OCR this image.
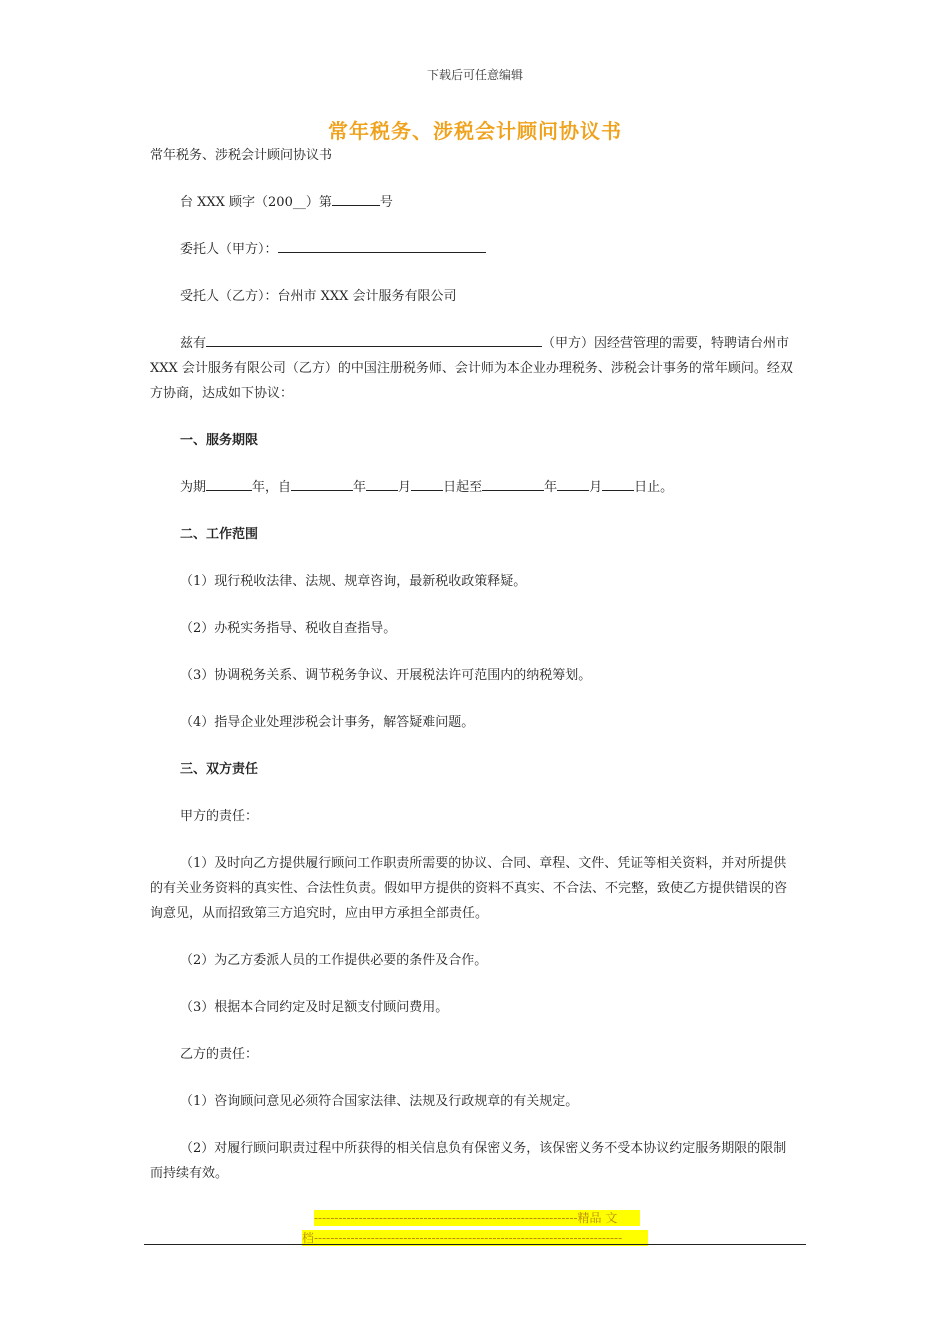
下载后可任意编辑
常年税务、涉税会计顾问协议书

常年税务、涉税会计顾问协议书

台 XXX 顾字（200__）第	号

委托人（甲方）：

受托人（乙方）：台州市 XXX 会计服务有限公司

兹有	（甲方）因经营管理的需要，特聘请台州市 XXX 会计服务有限公司（乙方）的中国注册税务师、会计师为本企业办理税务、涉税会计事务的常年顾问。经双方协商，达成如下协议：

一、服务期限

为期	年，自	年 月 日起至	年 月 日止。

二、工作范围

（1）现行税收法律、法规、规章咨询，最新税收政策释疑。

（2）办税实务指导、税收自查指导。

（3）协调税务关系、调节税务争议、开展税法许可范围内的纳税筹划。

（4）指导企业处理涉税会计事务，解答疑难问题。

三、双方责任

甲方的责任：

（1）及时向乙方提供履行顾问工作职责所需要的协议、合同、章程、文件、凭证等相关资料，并对所提供的有关业务资料的真实性、合法性负责。假如甲方提供的资料不真实、不合法、不完整，致使乙方提供错误的咨询意见，从而招致第三方追究时，应由甲方承担全部责任。

（2）为乙方委派人员的工作提供必要的条件及合作。

（3）根据本合同约定及时足额支付顾问费用。

乙方的责任：

（1）咨询顾问意见必须符合国家法律、法规及行政规章的有关规定。

（2）对履行顾问职责过程中所获得的相关信息负有保密义务，该保密义务不受本协议约定服务期限的限制而持续有效。

-----------------------------------------------------------------精品 文
档----------------------------------------------------------------------------
